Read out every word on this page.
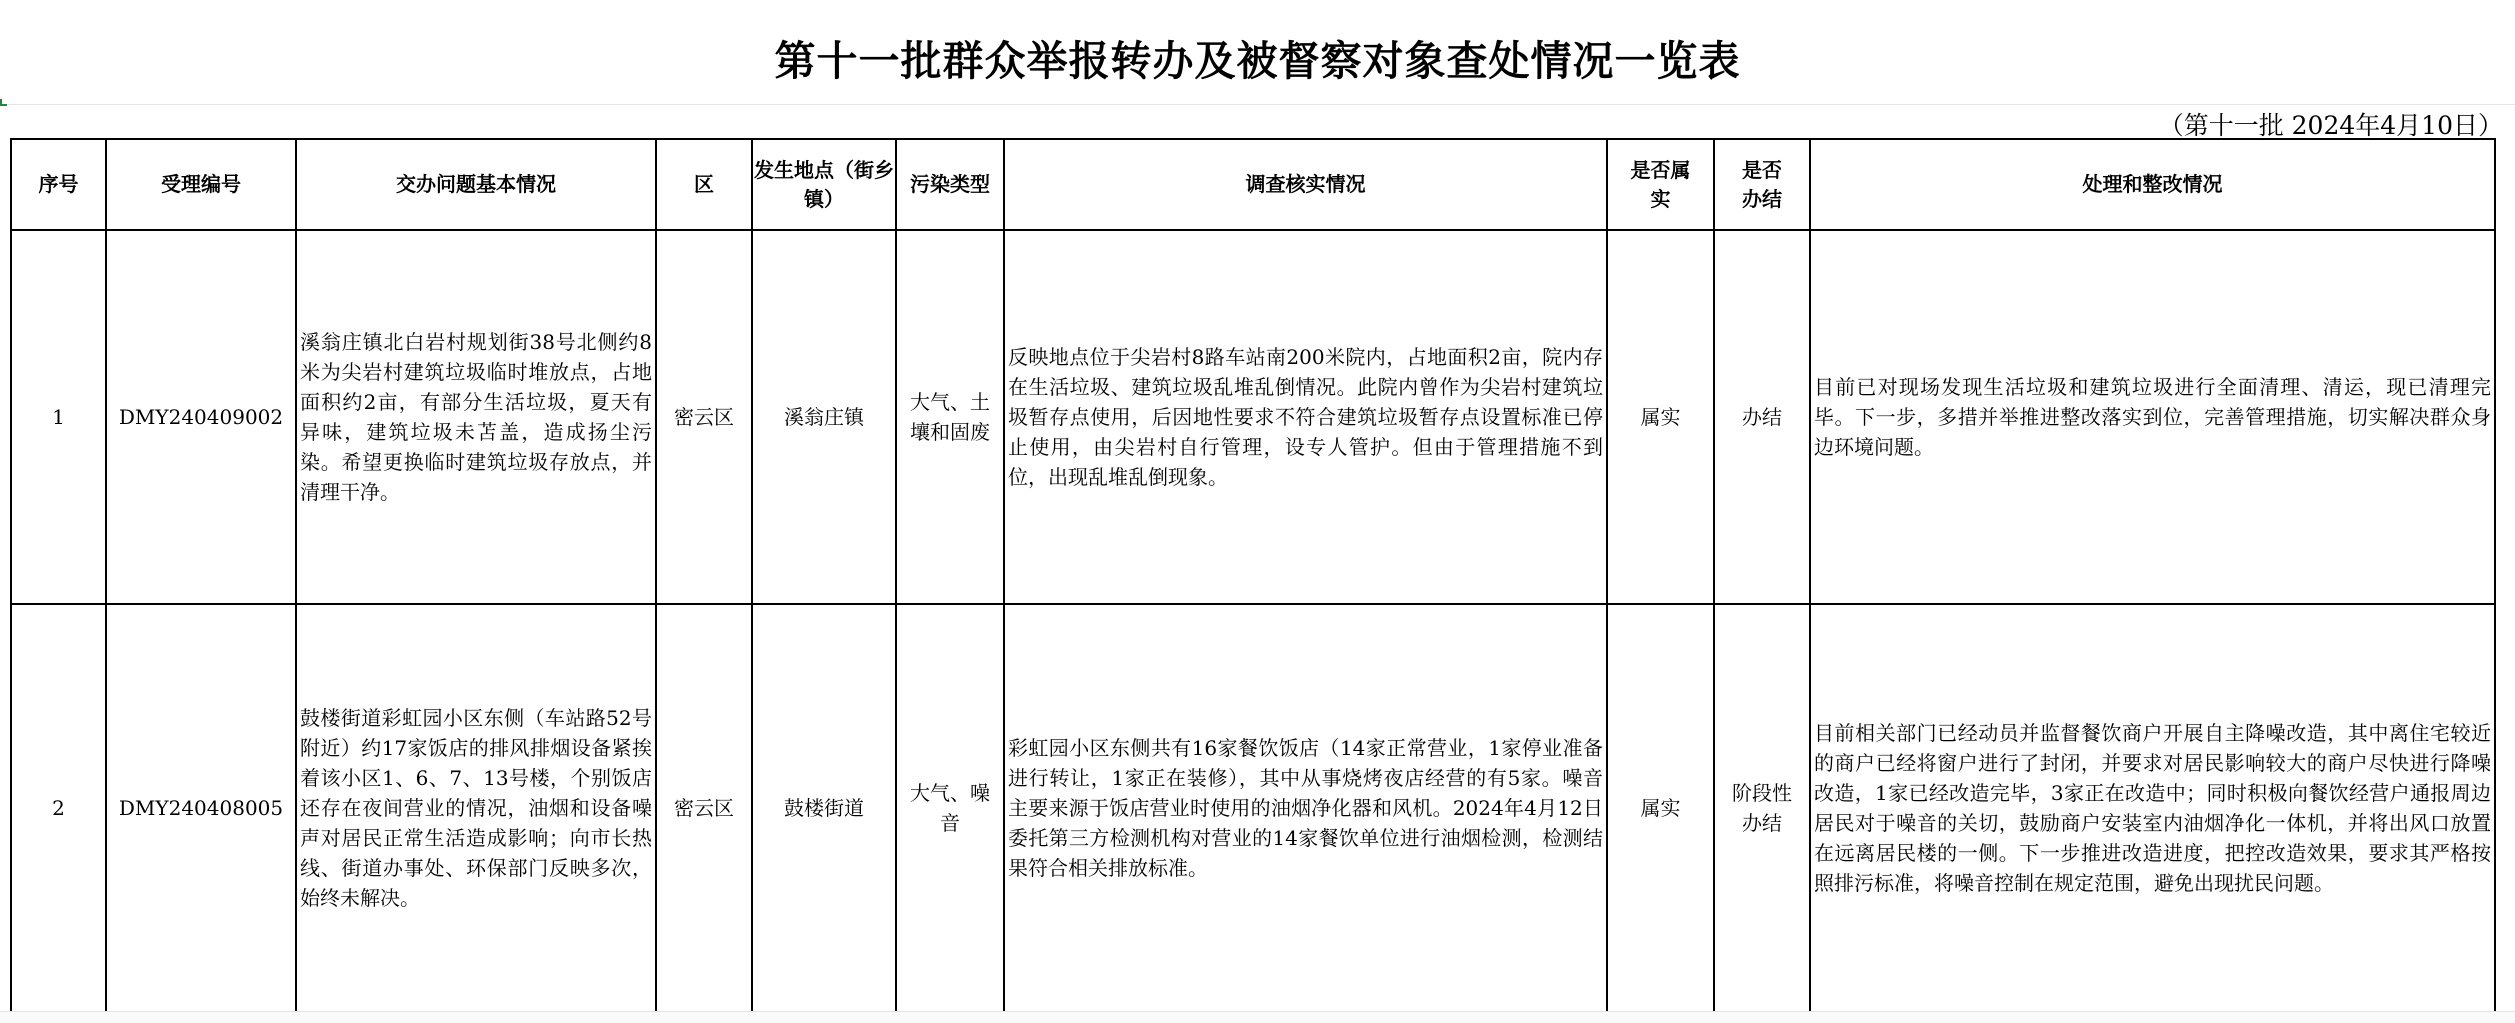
第十一批群众举报转办及被督察对象查处情况一览表
（第十一批 2024年4月10日）
序号	受理编号	交办问题基本情况	区	发生地点（街乡镇）	污染类型	调查核实情况	是否属实	是否办结	处理和整改情况
1	DMY240409002	溪翁庄镇北白岩村规划街38号北侧约8米为尖岩村建筑垃圾临时堆放点，占地面积约2亩，有部分生活垃圾，夏天有异味，建筑垃圾未苫盖，造成扬尘污染。希望更换临时建筑垃圾存放点，并清理干净。	密云区	溪翁庄镇	大气、土壤和固废	反映地点位于尖岩村8路车站南200米院内，占地面积2亩，院内存在生活垃圾、建筑垃圾乱堆乱倒情况。此院内曾作为尖岩村建筑垃圾暂存点使用，后因地性要求不符合建筑垃圾暂存点设置标准已停止使用，由尖岩村自行管理，设专人管护。但由于管理措施不到位，出现乱堆乱倒现象。	属实	办结	目前已对现场发现生活垃圾和建筑垃圾进行全面清理、清运，现已清理完毕。下一步，多措并举推进整改落实到位，完善管理措施，切实解决群众身边环境问题。

2	DMY240408005	鼓楼街道彩虹园小区东侧（车站路52号附近）约17家饭店的排风排烟设备紧挨着该小区1、6、7、13号楼，个别饭店还存在夜间营业的情况，油烟和设备噪声对居民正常生活造成影响；向市长热线、街道办事处、环保部门反映多次，始终未解决。	密云区	鼓楼街道	大气、噪音	彩虹园小区东侧共有16家餐饮饭店（14家正常营业，1家停业准备进行转让，1家正在装修），其中从事烧烤夜店经营的有5家。噪音主要来源于饭店营业时使用的油烟净化器和风机。2024年4月12日委托第三方检测机构对营业的14家餐饮单位进行油烟检测，检测结果符合相关排放标准。	属实	阶段性办结	目前相关部门已经动员并监督餐饮商户开展自主降噪改造，其中离住宅较近的商户已经将窗户进行了封闭，并要求对居民影响较大的商户尽快进行降噪改造，1家已经改造完毕，3家正在改造中；同时积极向餐饮经营户通报周边居民对于噪音的关切，鼓励商户安装室内油烟净化一体机，并将出风口放置在远离居民楼的一侧。下一步推进改造进度，把控改造效果，要求其严格按照排污标准，将噪音控制在规定范围，避免出现扰民问题。
